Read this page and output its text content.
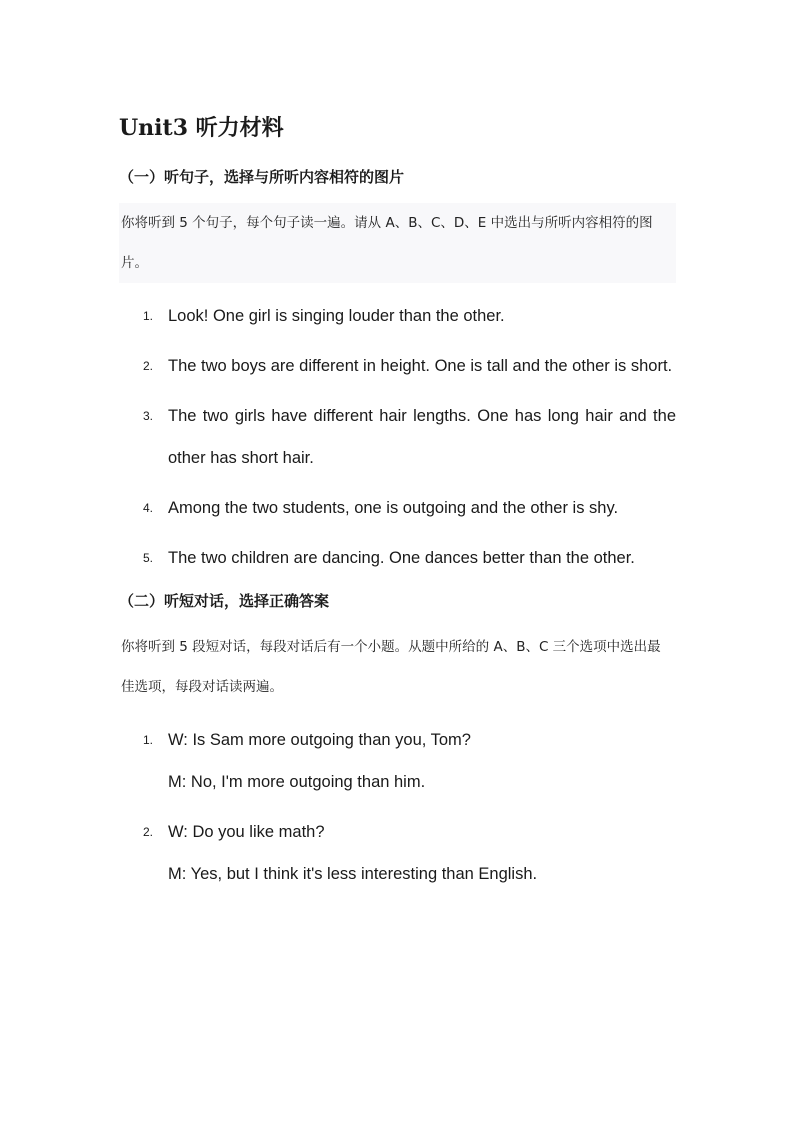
Unit3 听力材料
（一）听句子，选择与所听内容相符的图片
你将听到 5 个句子，每个句子读一遍。请从 A、B、C、D、E 中选出与所听内容相符的图片。
1. Look! One girl is singing louder than the other.
2. The two boys are different in height. One is tall and the other is short.
3. The two girls have different hair lengths. One has long hair and the other has short hair.
4. Among the two students, one is outgoing and the other is shy.
5. The two children are dancing. One dances better than the other.
（二）听短对话，选择正确答案
你将听到 5 段短对话，每段对话后有一个小题。从题中所给的 A、B、C 三个选项中选出最佳选项，每段对话读两遍。
1. W: Is Sam more outgoing than you, Tom?
M: No, I'm more outgoing than him.
2. W: Do you like math?
M: Yes, but I think it's less interesting than English.
